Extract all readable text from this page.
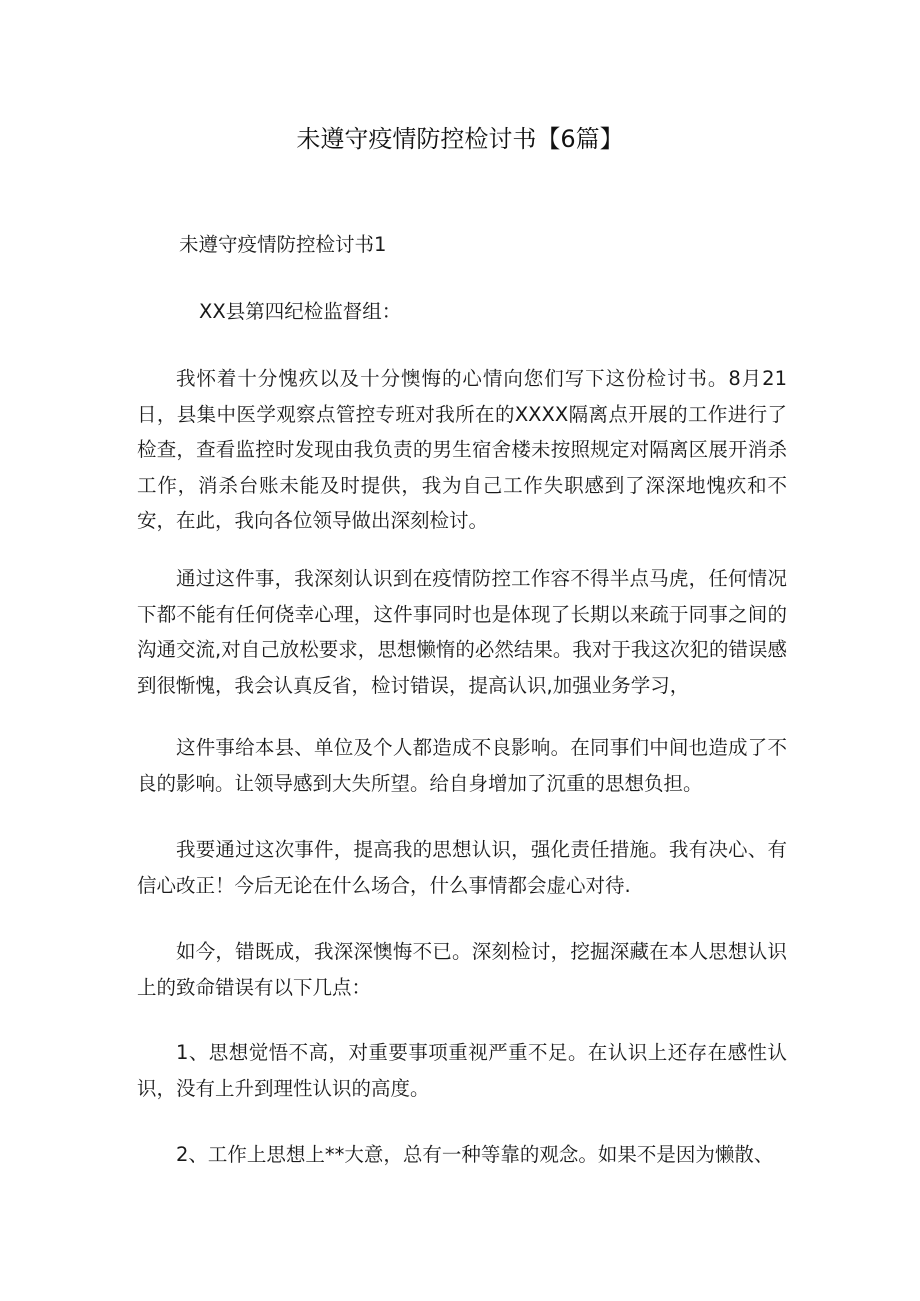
未遵守疫情防控检讨书【6篇】
未遵守疫情防控检讨书1
XX县第四纪检监督组：

我怀着十分愧疚以及十分懊悔的心情向您们写下这份检讨书。8月21日，县集中医学观察点管控专班对我所在的XXXX隔离点开展的工作进行了检查，查看监控时发现由我负责的男生宿舍楼未按照规定对隔离区展开消杀工作，消杀台账未能及时提供，我为自己工作失职感到了深深地愧疚和不安，在此，我向各位领导做出深刻检讨。

通过这件事，我深刻认识到在疫情防控工作容不得半点马虎，任何情况下都不能有任何侥幸心理，这件事同时也是体现了长期以来疏于同事之间的沟通交流,对自己放松要求，思想懒惰的必然结果。我对于我这次犯的错误感到很惭愧，我会认真反省，检讨错误，提高认识,加强业务学习，

这件事给本县、单位及个人都造成不良影响。在同事们中间也造成了不良的影响。让领导感到大失所望。给自身增加了沉重的思想负担。

我要通过这次事件，提高我的思想认识，强化责任措施。我有决心、有信心改正！今后无论在什么场合，什么事情都会虚心对待.

如今，错既成，我深深懊悔不已。深刻检讨，挖掘深藏在本人思想认识上的致命错误有以下几点：

1、思想觉悟不高，对重要事项重视严重不足。在认识上还存在感性认识，没有上升到理性认识的高度。

2、工作上思想上**大意，总有一种等靠的观念。如果不是因为懒散、
